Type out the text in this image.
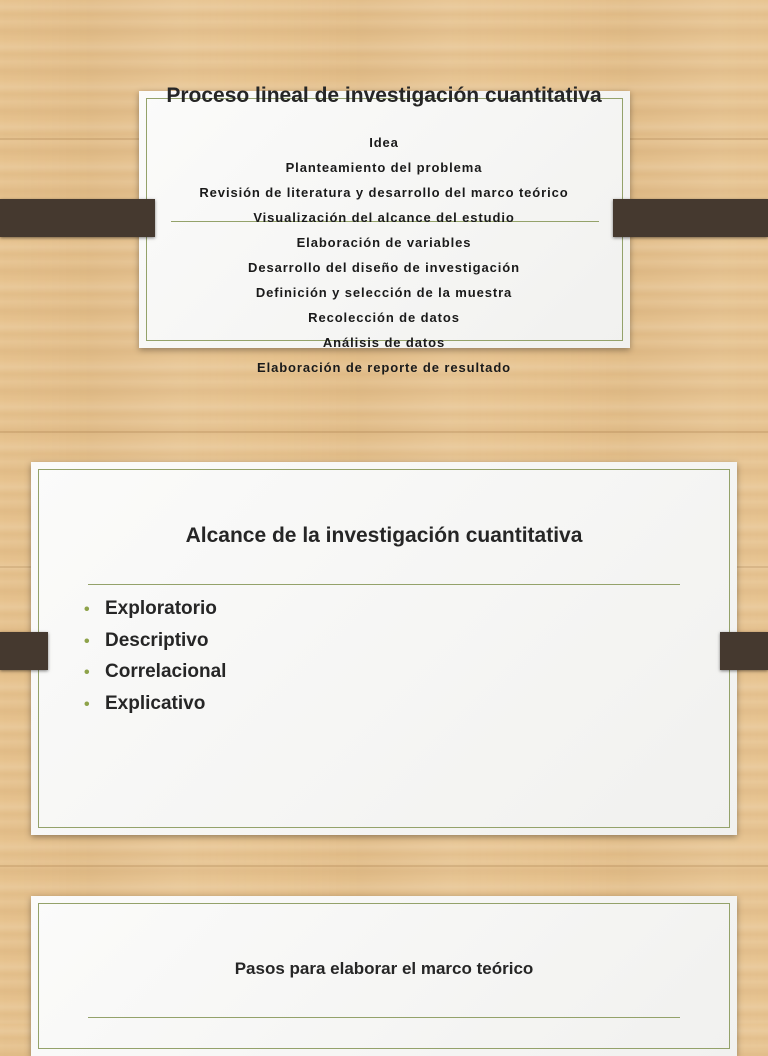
Proceso lineal de investigación cuantitativa
Idea
Planteamiento del problema
Revisión de literatura y desarrollo del marco teórico
Visualización del alcance del estudio
Elaboración de variables
Desarrollo del diseño de investigación
Definición y selección de la muestra
Recolección de datos
Análisis de datos
Elaboración de reporte de resultado
Alcance de la investigación cuantitativa
• Exploratorio
• Descriptivo
• Correlacional
• Explicativo
Pasos para elaborar el marco teórico
